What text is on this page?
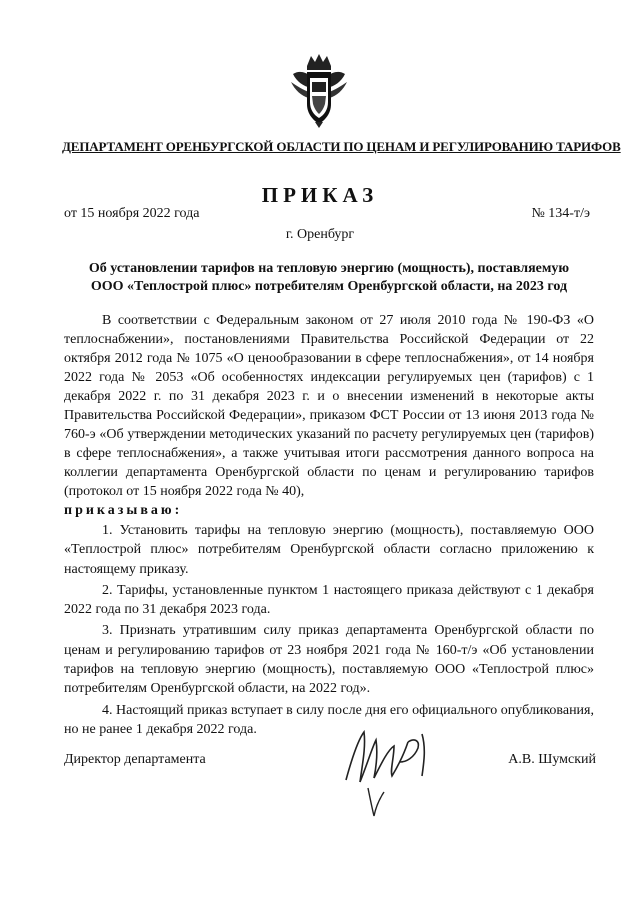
ДЕПАРТАМЕНТ ОРЕНБУРГСКОЙ ОБЛАСТИ ПО ЦЕНАМ И РЕГУЛИРОВАНИЮ ТАРИФОВ
ПРИКАЗ
от 15 ноября 2022 года	№ 134-т/э
г. Оренбург
Об установлении тарифов на тепловую энергию (мощность), поставляемую
ООО «Теплострой плюс» потребителям Оренбургской области, на 2023 год

В соответствии с Федеральным законом от 27 июля 2010 года № 190-ФЗ «О теплоснабжении», постановлениями Правительства Российской Федерации от 22 октября 2012 года № 1075 «О ценообразовании в сфере теплоснабжения», от 14 ноября 2022 года № 2053 «Об особенностях индексации регулируемых цен (тарифов) с 1 декабря 2022 г. по 31 декабря 2023 г. и о внесении изменений в некоторые акты Правительства Российской Федерации», приказом ФСТ России от 13 июня 2013 года № 760-э «Об утверждении методических указаний по расчету регулируемых цен (тарифов) в сфере теплоснабжения», а также учитывая итоги рассмотрения данного вопроса на коллегии департамента Оренбургской области по ценам и регулированию тарифов (протокол от 15 ноября 2022 года № 40),
приказываю:

1. Установить тарифы на тепловую энергию (мощность), поставляемую ООО «Теплострой плюс» потребителям Оренбургской области согласно приложению к настоящему приказу.

2. Тарифы, установленные пунктом 1 настоящего приказа действуют с 1 декабря 2022 года по 31 декабря 2023 года.

3. Признать утратившим силу приказ департамента Оренбургской области по ценам и регулированию тарифов от 23 ноября 2021 года № 160-т/э «Об установлении тарифов на тепловую энергию (мощность), поставляемую ООО «Теплострой плюс» потребителям Оренбургской области, на 2022 год».

4. Настоящий приказ вступает в силу после дня его официального опубликования, но не ранее 1 декабря 2022 года.

Директор департамента	А.В. Шумский
